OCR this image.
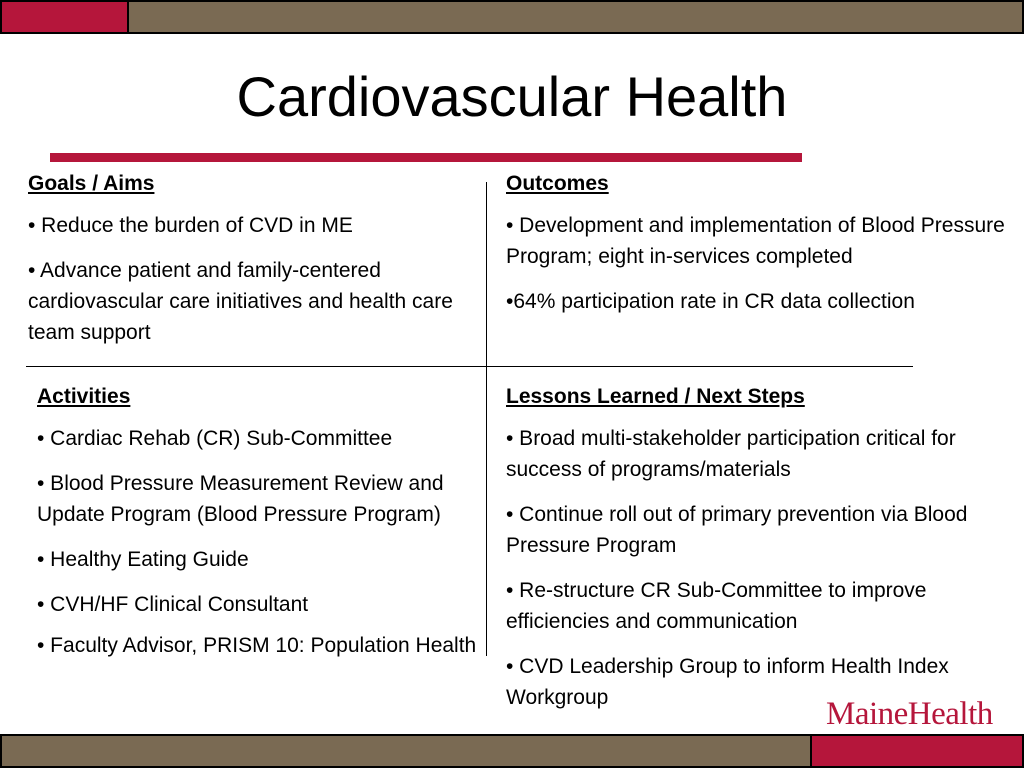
Cardiovascular Health
Goals / Aims

• Reduce the burden of CVD in ME

• Advance patient and family-centered cardiovascular care initiatives and health care team support

Outcomes

• Development and implementation of Blood Pressure Program; eight in-services completed

•64% participation rate in CR data collection

Activities

• Cardiac Rehab (CR) Sub-Committee

• Blood Pressure Measurement Review and Update Program (Blood Pressure Program)

• Healthy Eating Guide

• CVH/HF Clinical Consultant

• Faculty Advisor, PRISM 10: Population Health

Lessons Learned / Next Steps

• Broad multi-stakeholder participation critical for success of programs/materials

• Continue roll out of primary prevention via Blood Pressure Program

• Re-structure CR Sub-Committee to improve efficiencies and communication

• CVD Leadership Group to inform Health Index Workgroup	MaineHealth
